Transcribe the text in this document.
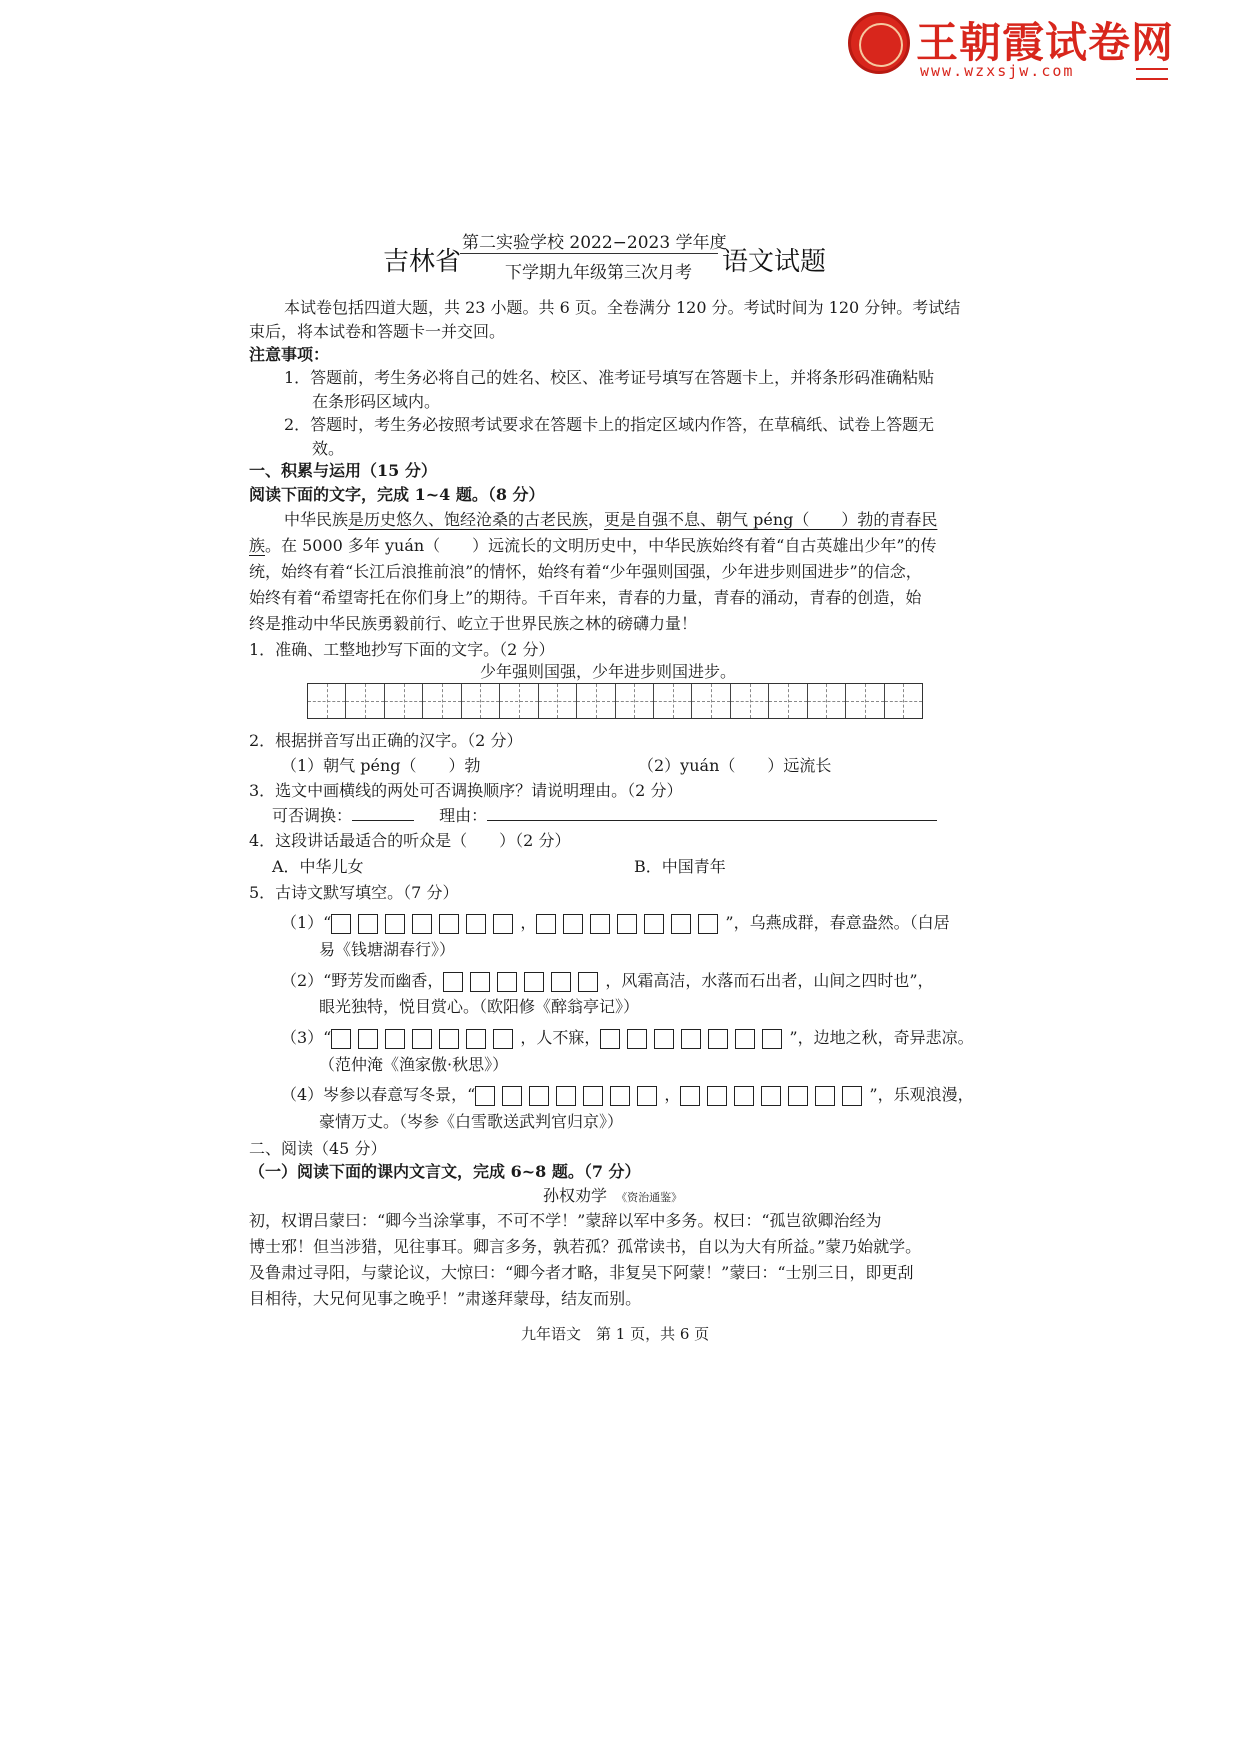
王朝霞试卷网
www.wzxsjw.com
吉林省
第二实验学校 2022−2023 学年度
下学期九年级第三次月考 语文试题
本试卷包括四道大题，共 23 小题。共 6 页。全卷满分 120 分。考试时间为 120 分钟。考试结
束后，将本试卷和答题卡一并交回。
注意事项：
1．答题前，考生务必将自己的姓名、校区、准考证号填写在答题卡上，并将条形码准确粘贴
在条形码区域内。
2．答题时，考生务必按照考试要求在答题卡上的指定区域内作答，在草稿纸、试卷上答题无
效。
一、积累与运用（15 分）
阅读下面的文字，完成 1~4 题。（8 分）
中华民族是历史悠久、饱经沧桑的古老民族，更是自强不息、朝气 péng（　　）勃的青春民
族。在 5000 多年 yuán（　　）远流长的文明历史中，中华民族始终有着“自古英雄出少年”的传
统，始终有着“长江后浪推前浪”的情怀，始终有着“少年强则国强，少年进步则国进步”的信念，
始终有着“希望寄托在你们身上”的期待。千百年来，青春的力量，青春的涌动，青春的创造，始
终是推动中华民族勇毅前行、屹立于世界民族之林的磅礴力量！
1．准确、工整地抄写下面的文字。（2 分）
少年强则国强，少年进步则国进步。
2．根据拼音写出正确的汉字。（2 分）
（1）朝气 péng（　　）勃	（2）yuán（　　）远流长
3．选文中画横线的两处可否调换顺序？请说明理由。（2 分）
可否调换：	理由：
4．这段讲话最适合的听众是（　　）（2 分）
A．中华儿女	B．中国青年
5．古诗文默写填空。（7 分）
（1）“	，	”，乌燕成群，春意盎然。（白居
易《钱塘湖春行》）
（2）“野芳发而幽香，	，风霜高洁，水落而石出者，山间之四时也”，
眼光独特，悦目赏心。（欧阳修《醉翁亭记》）
（3）“	，人不寐，	”，边地之秋，奇异悲凉。
（范仲淹《渔家傲·秋思》）
（4）岑参以春意写冬景，“	，	”，乐观浪漫，
豪情万丈。（岑参《白雪歌送武判官归京》）
二、阅读（45 分）
（一）阅读下面的课内文言文，完成 6~8 题。（7 分）
孙权劝学 《资治通鉴》
初，权谓吕蒙曰：“卿今当涂掌事，不可不学！”蒙辞以军中多务。权曰：“孤岂欲卿治经为
博士邪！但当涉猎，见往事耳。卿言多务，孰若孤？孤常读书，自以为大有所益。”蒙乃始就学。
及鲁肃过寻阳，与蒙论议，大惊曰：“卿今者才略，非复吴下阿蒙！”蒙曰：“士别三日，即更刮
目相待，大兄何见事之晚乎！”肃遂拜蒙母，结友而别。
九年语文　第 1 页，共 6 页
